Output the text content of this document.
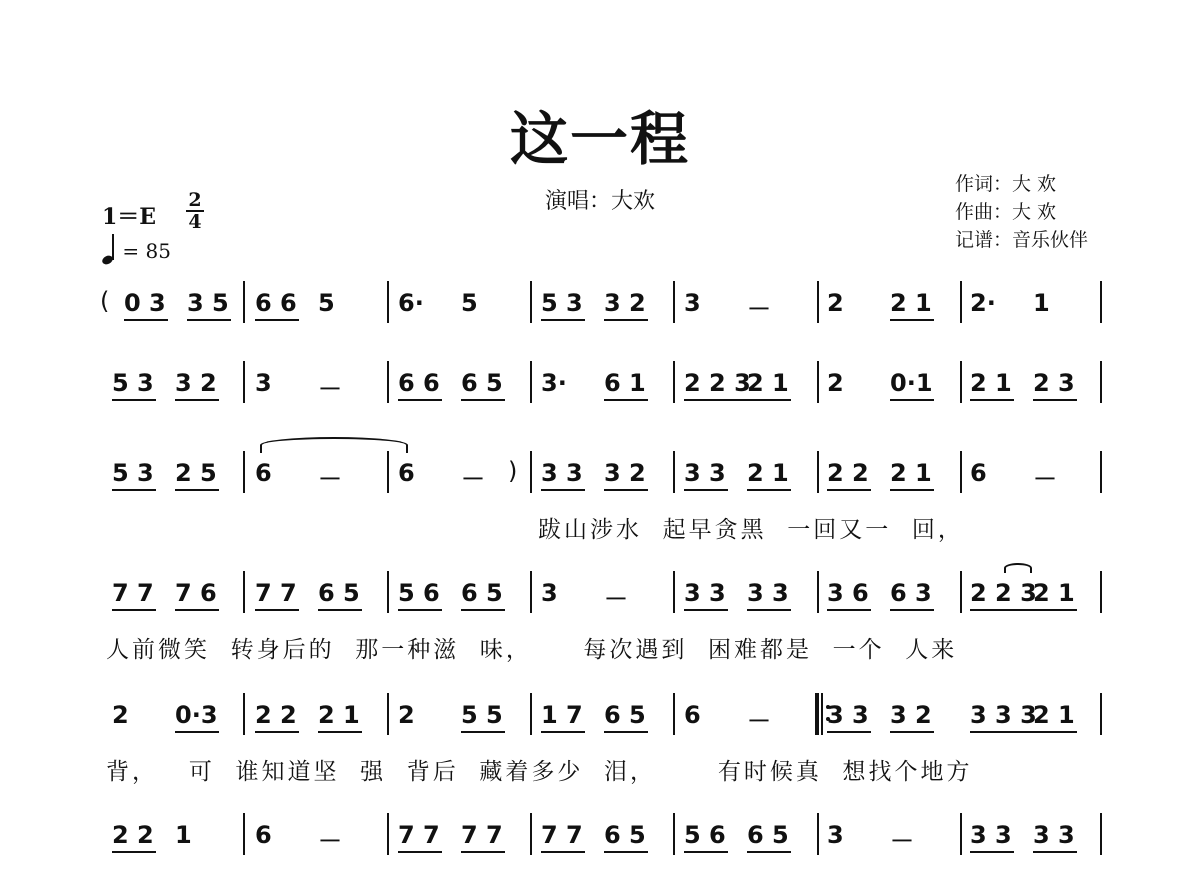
这一程
演唱：大欢
作词：大 欢
作曲：大 欢
记谱：音乐伙伴
1＝E
2
4
= 85
( 0 3 3 5 6 6 5	6· 5	5 3 3 2 3 － 2 2 1 2· 1
5 3 3 2 3 － 6 6 6 5 3· 6 1 2 2 3
2 1 2 0·1 2 1 2 3
)
5 3 2 5 6 － 6 － 3 3 3 2 3 3 2 1 2 2 2 1 6 －
跋山涉水  起早贪黑  一回又一  回，
7 7 7 6 7 7 6 5 5 6 6 5 3 － 3 3 3 3 3 6 6 3 2 2 3
2 1
人前微笑  转身后的  那一种滋  味，     每次遇到  困难都是  一个  人来
2 0·3 2 2 2 1 2 5 5 1 7 6 5 6 － 3 3 3 2 3 3 3
2 1
背，   可  谁知道坚  强  背后  藏着多少  泪，      有时候真  想找个地方
2 2 1	6 － 7 7 7 7 7 7 6 5 5 6 6 5 3 － 3 3 3 3
